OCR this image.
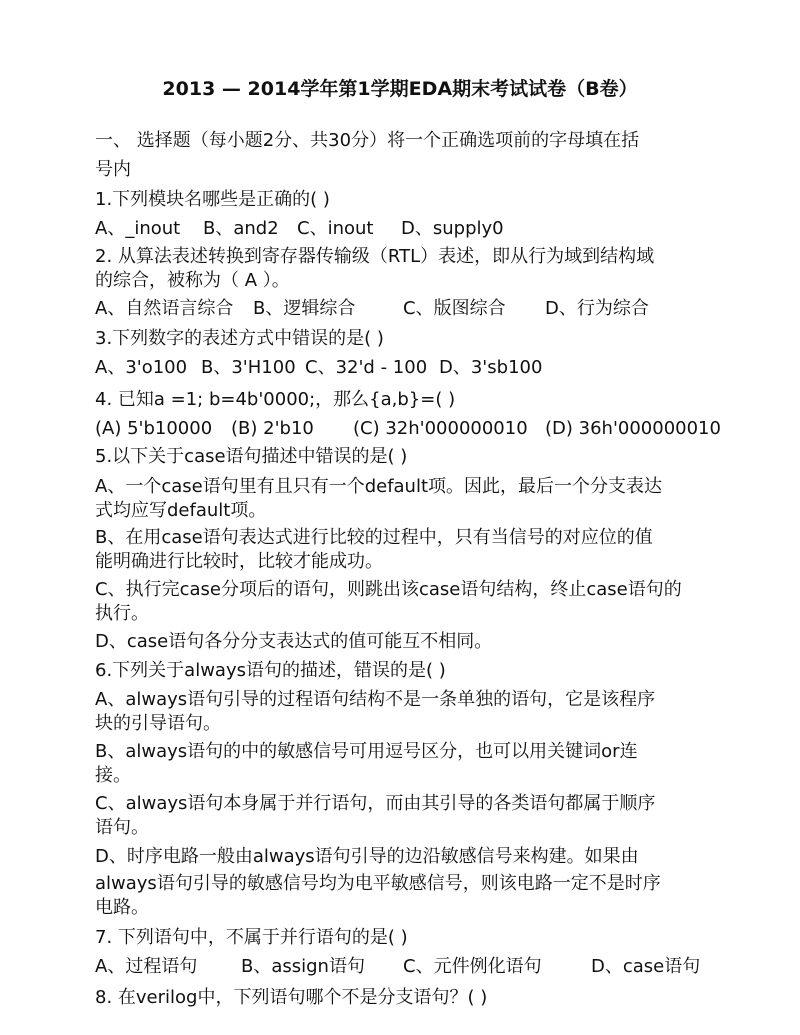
2013 — 2014学年第1学期EDA期末考试试卷（B卷）
一、 选择题（每小题2分、共30分）将一个正确选项前的字母填在括
号内
1.下列模块名哪些是正确的( )
A、_inout B、and2 C、inout D、supply0
2. 从算法表述转换到寄存器传输级（RTL）表述，即从行为域到结构域
的综合，被称为（ A ）。
A、自然语言综合 B、逻辑综合	C、版图综合 D、行为综合
3.下列数字的表述方式中错误的是( )
A、3'o100 B、3'H100 C、32'd - 100 D、3'sb100
4. 已知a =1; b=4b'0000;，那么{a,b}=( )
(A) 5'b10000 (B) 2'b10 (C) 32h'000000010 (D) 36h'000000010
5.以下关于case语句描述中错误的是( )
A、一个case语句里有且只有一个default项。因此，最后一个分支表达
式均应写default项。
B、在用case语句表达式进行比较的过程中，只有当信号的对应位的值
能明确进行比较时，比较才能成功。
C、执行完case分项后的语句，则跳出该case语句结构，终止case语句的
执行。
D、case语句各分分支表达式的值可能互不相同。
6.下列关于always语句的描述，错误的是( )
A、always语句引导的过程语句结构不是一条单独的语句，它是该程序
块的引导语句。
B、always语句的中的敏感信号可用逗号区分，也可以用关键词or连
接。
C、always语句本身属于并行语句，而由其引导的各类语句都属于顺序
语句。
D、时序电路一般由always语句引导的边沿敏感信号来构建。如果由
always语句引导的敏感信号均为电平敏感信号，则该电路一定不是时序
电路。
7. 下列语句中，不属于并行语句的是( )
A、过程语句 B、assign语句 C、元件例化语句	D、case语句
8. 在verilog中，下列语句哪个不是分支语句？( )
